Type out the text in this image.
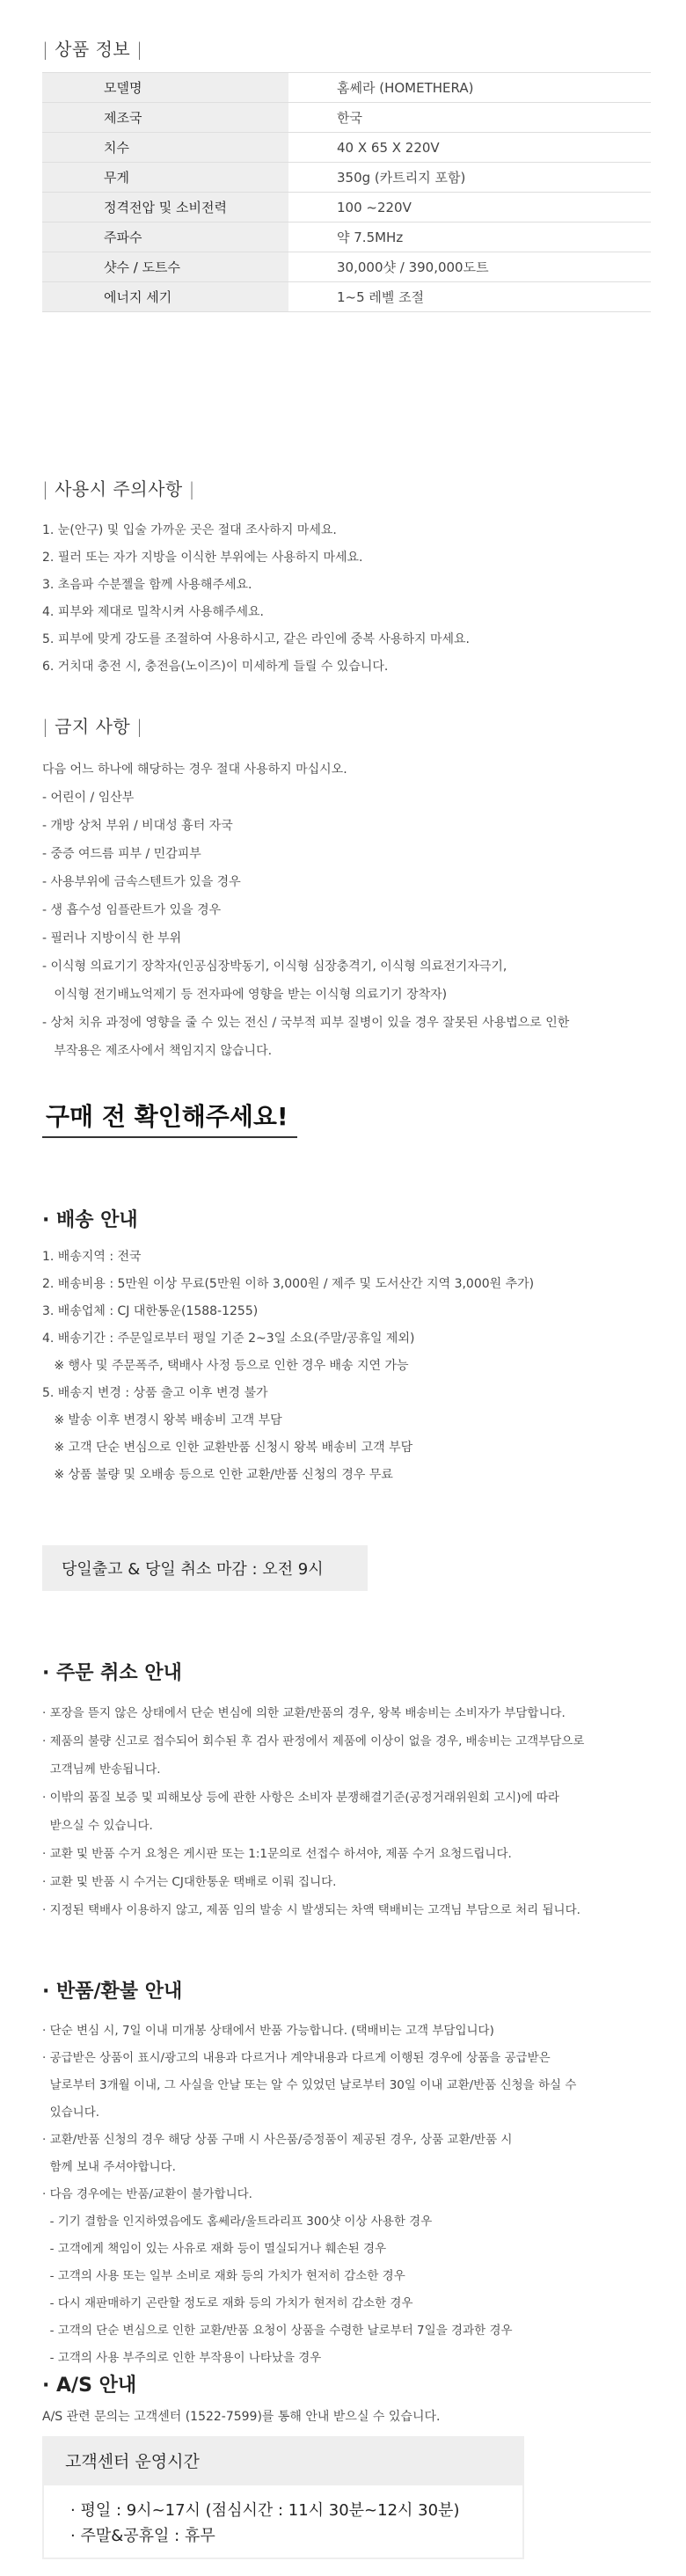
| 상품 정보 |
모델명	홈쎄라 (HOMETHERA)
제조국	한국
치수	40 X 65 X 220V
무게	350g (카트리지 포함)
정격전압 및 소비전력	100 ~220V
주파수	약 7.5MHz
샷수 / 도트수	30,000샷 / 390,000도트
에너지 세기	1~5 레벨 조절
| 사용시 주의사항 |
1. 눈(안구) 및 입술 가까운 곳은 절대 조사하지 마세요.
2. 필러 또는 자가 지방을 이식한 부위에는 사용하지 마세요.
3. 초음파 수분젤을 함께 사용해주세요.
4. 피부와 제대로 밀착시켜 사용해주세요.
5. 피부에 맞게 강도를 조절하여 사용하시고, 같은 라인에 중복 사용하지 마세요.
6. 거치대 충전 시, 충전음(노이즈)이 미세하게 들릴 수 있습니다.
| 금지 사항 |
다음 어느 하나에 해당하는 경우 절대 사용하지 마십시오.
- 어린이 / 임산부
- 개방 상처 부위 / 비대성 흉터 자국
- 중증 여드름 피부 / 민감피부
- 사용부위에 금속스텐트가 있을 경우
- 생 흡수성 임플란트가 있을 경우
- 필러나 지방이식 한 부위
- 이식형 의료기기 장착자(인공심장박동기, 이식형 심장충격기, 이식형 의료전기자극기,
이식형 전기배뇨억제기 등 전자파에 영향을 받는 이식형 의료기기 장착자)
- 상처 치유 과정에 영향을 줄 수 있는 전신 / 국부적 피부 질병이 있을 경우 잘못된 사용법으로 인한
부작용은 제조사에서 책임지지 않습니다.
구매 전 확인해주세요!
· 배송 안내
1. 배송지역 : 전국
2. 배송비용 : 5만원 이상 무료(5만원 이하 3,000원 / 제주 및 도서산간 지역 3,000원 추가)
3. 배송업체 : CJ 대한통운(1588-1255)
4. 배송기간 : 주문일로부터 평일 기준 2~3일 소요(주말/공휴일 제외)
※ 행사 및 주문폭주, 택배사 사정 등으로 인한 경우 배송 지연 가능
5. 배송지 변경 : 상품 출고 이후 변경 불가
※ 발송 이후 변경시 왕복 배송비 고객 부담
※ 고객 단순 변심으로 인한 교환반품 신청시 왕복 배송비 고객 부담
※ 상품 불량 및 오배송 등으로 인한 교환/반품 신청의 경우 무료
당일출고 & 당일 취소 마감 : 오전 9시
· 주문 취소 안내
· 포장을 뜯지 않은 상태에서 단순 변심에 의한 교환/반품의 경우, 왕복 배송비는 소비자가 부담합니다.
· 제품의 불량 신고로 접수되어 회수된 후 검사 판정에서 제품에 이상이 없을 경우, 배송비는 고객부담으로
고객님께 반송됩니다.
· 이밖의 품질 보증 및 피해보상 등에 관한 사항은 소비자 분쟁해결기준(공정거래위원회 고시)에 따라
받으실 수 있습니다.
· 교환 및 반품 수거 요청은 게시판 또는 1:1문의로 선접수 하셔야, 제품 수거 요청드립니다.
· 교환 및 반품 시 수거는 CJ대한통운 택배로 이뤄 집니다.
· 지정된 택배사 이용하지 않고, 제품 임의 발송 시 발생되는 차액 택배비는 고객님 부담으로 처리 됩니다.
· 반품/환불 안내
· 단순 변심 시, 7일 이내 미개봉 상태에서 반품 가능합니다. (택배비는 고객 부담입니다)
· 공급받은 상품이 표시/광고의 내용과 다르거나 계약내용과 다르게 이행된 경우에 상품을 공급받은
날로부터 3개월 이내, 그 사실을 안날 또는 알 수 있었던 날로부터 30일 이내 교환/반품 신청을 하실 수
있습니다.
· 교환/반품 신청의 경우 해당 상품 구매 시 사은품/증정품이 제공된 경우, 상품 교환/반품 시
함께 보내 주셔야합니다.
· 다음 경우에는 반품/교환이 불가합니다.
- 기기 결함을 인지하였음에도 홈쎄라/울트라리프 300샷 이상 사용한 경우
- 고객에게 책임이 있는 사유로 재화 등이 멸실되거나 훼손된 경우
- 고객의 사용 또는 일부 소비로 재화 등의 가치가 현저히 감소한 경우
- 다시 재판매하기 곤란할 정도로 재화 등의 가치가 현저히 감소한 경우
- 고객의 단순 변심으로 인한 교환/반품 요청이 상품을 수령한 날로부터 7일을 경과한 경우
- 고객의 사용 부주의로 인한 부작용이 나타났을 경우
· A/S 안내
A/S 관련 문의는 고객센터 (1522-7599)를 통해 안내 받으실 수 있습니다.
고객센터 운영시간
· 평일 : 9시~17시 (점심시간 : 11시 30분~12시 30분)
· 주말&공휴일 : 휴무
